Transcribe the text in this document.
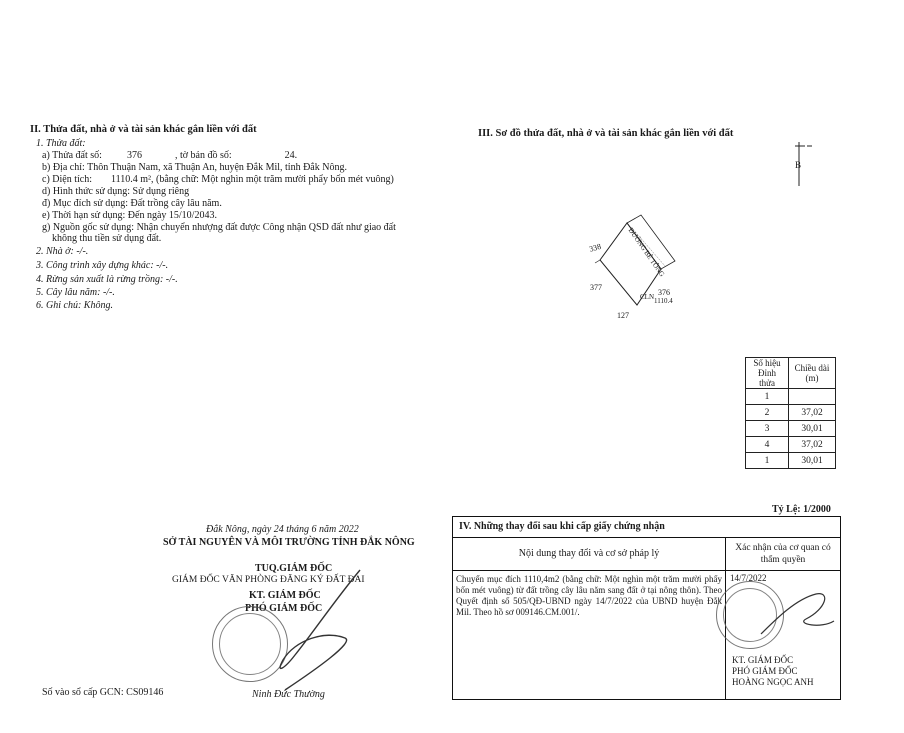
II. Thửa đất, nhà ở và tài sản khác gắn liền với đất
1. Thửa đất:
a) Thửa đất số:	376	, tờ bản đồ số:	24.
b) Địa chỉ: Thôn Thuận Nam, xã Thuận An, huyện Đắk Mil, tỉnh Đắk Nông.
c) Diện tích: 1110.4 m², (bằng chữ: Một nghìn một trăm mười phẩy bốn mét vuông)
d) Hình thức sử dụng: Sử dụng riêng
đ) Mục đích sử dụng: Đất trồng cây lâu năm.
e) Thời hạn sử dụng: Đến ngày 15/10/2043.
g) Nguồn gốc sử dụng: Nhận chuyển nhượng đất được Công nhận QSD đất như giao đất
không thu tiền sử dụng đất.
2. Nhà ở: -/-.
3. Công trình xây dựng khác: -/-.
4. Rừng sản xuất là rừng trồng: -/-.
5. Cây lâu năm: -/-.
6. Ghi chú: Không.
III. Sơ đồ thửa đất, nhà ở và tài sản khác gắn liền với đất
B
338
377
127
376
1110.4
CLN
ĐƯỜNG BÊ TÔNG
Số hiệu Đỉnh thửa	Chiều dài (m)
1	
2	37,02
3	30,01
4	37,02
1	30,01
Tỷ Lệ: 1/2000
Đắk Nông, ngày 24 tháng 6 năm 2022
SỞ TÀI NGUYÊN VÀ MÔI TRƯỜNG TỈNH ĐẮK NÔNG
TUQ.GIÁM ĐỐC
GIÁM ĐỐC VĂN PHÒNG ĐĂNG KÝ ĐẤT ĐAI
KT. GIÁM ĐỐC
PHÓ GIÁM ĐỐC
Ninh Đức Thường
Số vào sổ cấp GCN: CS09146
IV. Những thay đổi sau khi cấp giấy chứng nhận
Nội dung thay đổi và cơ sở pháp lý	Xác nhận của cơ quan có thẩm quyền
Chuyển mục đích 1110,4m2 (bằng chữ: Một nghìn một trăm mười phẩy bốn mét vuông) từ đất trồng cây lâu năm sang đất ở tại nông thôn). Theo Quyết định số 505/QĐ-UBND ngày 14/7/2022 của UBND huyện Đắk Mil. Theo hồ sơ 009146.CM.001/.
14/7/2022
KT. GIÁM ĐỐC
PHÓ GIÁM ĐỐC
HOÀNG NGỌC ANH
